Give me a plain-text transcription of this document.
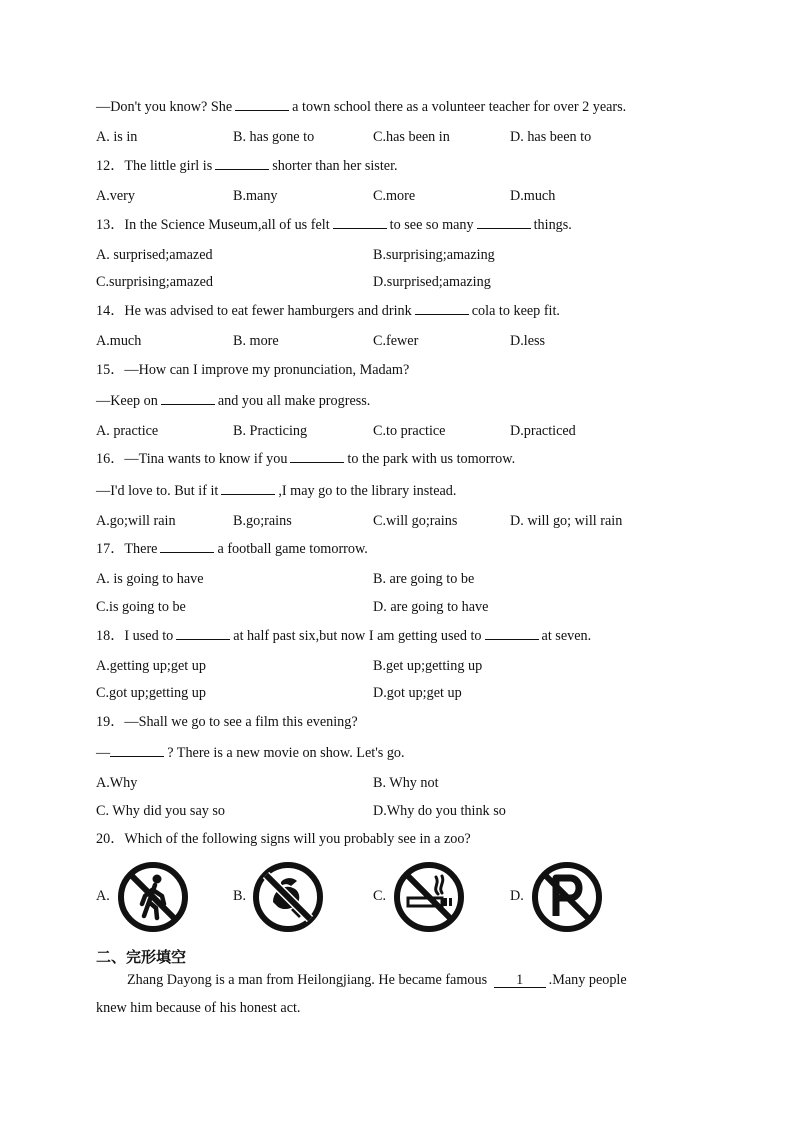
—Don't you know? She	a town school there as a volunteer teacher for over 2 years.
A. is in	B. has gone to	C.has been in	D. has been to
12．The little girl is	shorter than her sister.
A.very	B.many	C.more	D.much
13．In the Science Museum,all of us felt	to see so many	things.
A. surprised;amazed	B.surprising;amazing
C.surprising;amazed	D.surprised;amazing
14．He was advised to eat fewer hamburgers and drink	cola to keep fit.
A.much	B. more	C.fewer	D.less
15．—How can I improve my pronunciation, Madam?
—Keep on	and you all make progress.
A. practice	B. Practicing	C.to practice	D.practiced
16．—Tina wants to know if you	to the park with us tomorrow.
—I'd love to. But if it	,I may go to the library instead.
A.go;will rain	B.go;rains	C.will go;rains	D. will go; will rain
17．There	a football game tomorrow.
A. is going to have	B. are going to be
C.is going to be	D. are going to have
18．I used to	at half past six,but now I am getting used to	at seven.
A.getting up;get up	B.get up;getting up
C.got up;getting up	D.got up;get up
19．—Shall we go to see a film this evening?
—	? There is a new movie on show. Let's go.
A.Why	B. Why not
C. Why did you say so	D.Why do you think so
20．Which of the following signs will you probably see in a zoo?
A.	B.	C.	D.
二、完形填空
Zhang Dayong is a man from Heilongjiang. He became famous 1 .Many people
knew him because of his honest act.
